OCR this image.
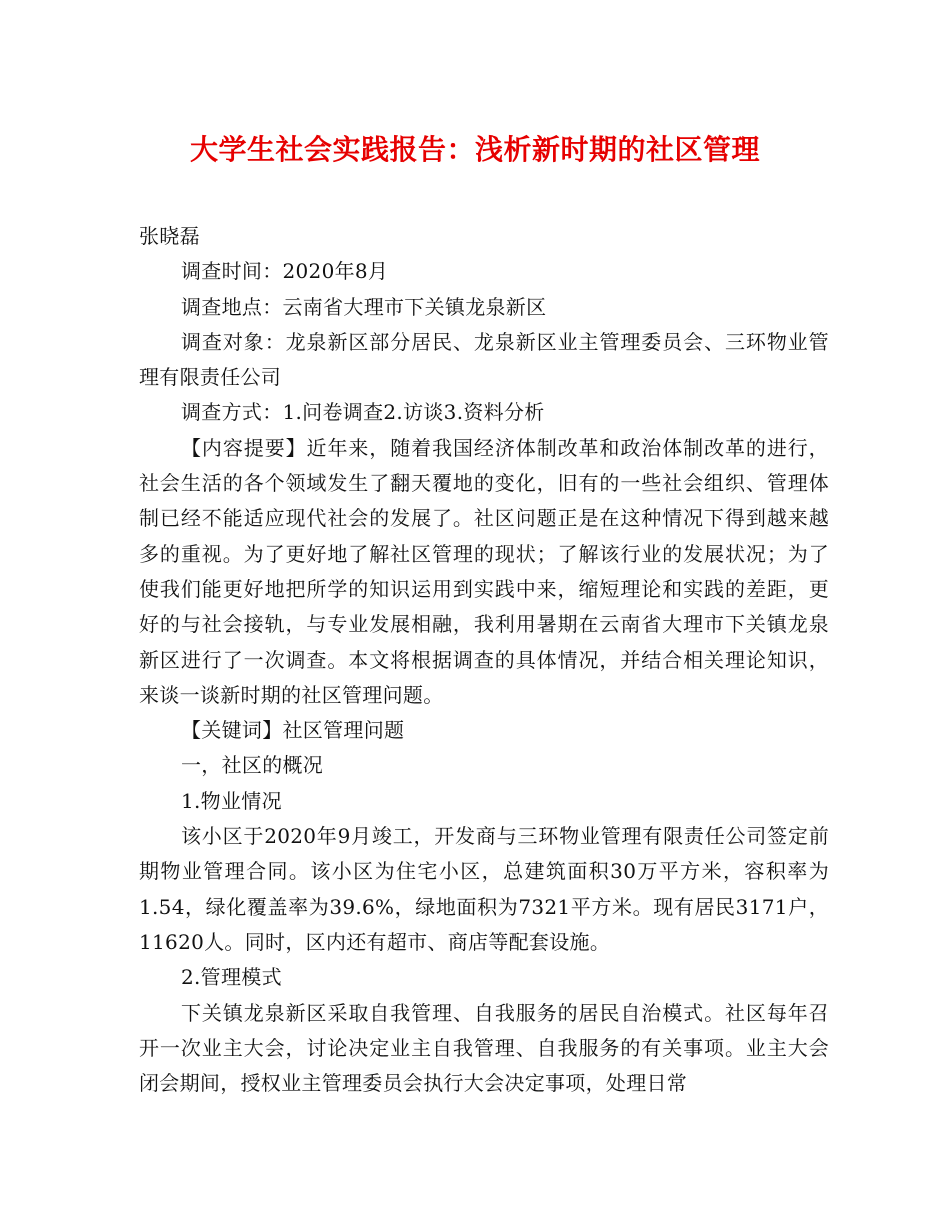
大学生社会实践报告：浅析新时期的社区管理

张晓磊

调查时间：2020年8月

调查地点：云南省大理市下关镇龙泉新区

调查对象：龙泉新区部分居民、龙泉新区业主管理委员会、三环物业管理有限责任公司

调查方式：1.问卷调查2.访谈3.资料分析

【内容提要】近年来，随着我国经济体制改革和政治体制改革的进行，社会生活的各个领域发生了翻天覆地的变化，旧有的一些社会组织、管理体制已经不能适应现代社会的发展了。社区问题正是在这种情况下得到越来越多的重视。为了更好地了解社区管理的现状；了解该行业的发展状况；为了使我们能更好地把所学的知识运用到实践中来，缩短理论和实践的差距，更好的与社会接轨，与专业发展相融，我利用暑期在云南省大理市下关镇龙泉新区进行了一次调查。本文将根据调查的具体情况，并结合相关理论知识，来谈一谈新时期的社区管理问题。

【关键词】社区管理问题

一，社区的概况

1.物业情况

该小区于2020年9月竣工，开发商与三环物业管理有限责任公司签定前期物业管理合同。该小区为住宅小区，总建筑面积30万平方米，容积率为1.54，绿化覆盖率为39.6%，绿地面积为7321平方米。现有居民3171户，11620人。同时，区内还有超市、商店等配套设施。

2.管理模式

下关镇龙泉新区采取自我管理、自我服务的居民自治模式。社区每年召开一次业主大会，讨论决定业主自我管理、自我服务的有关事项。业主大会闭会期间，授权业主管理委员会执行大会决定事项，处理日常
